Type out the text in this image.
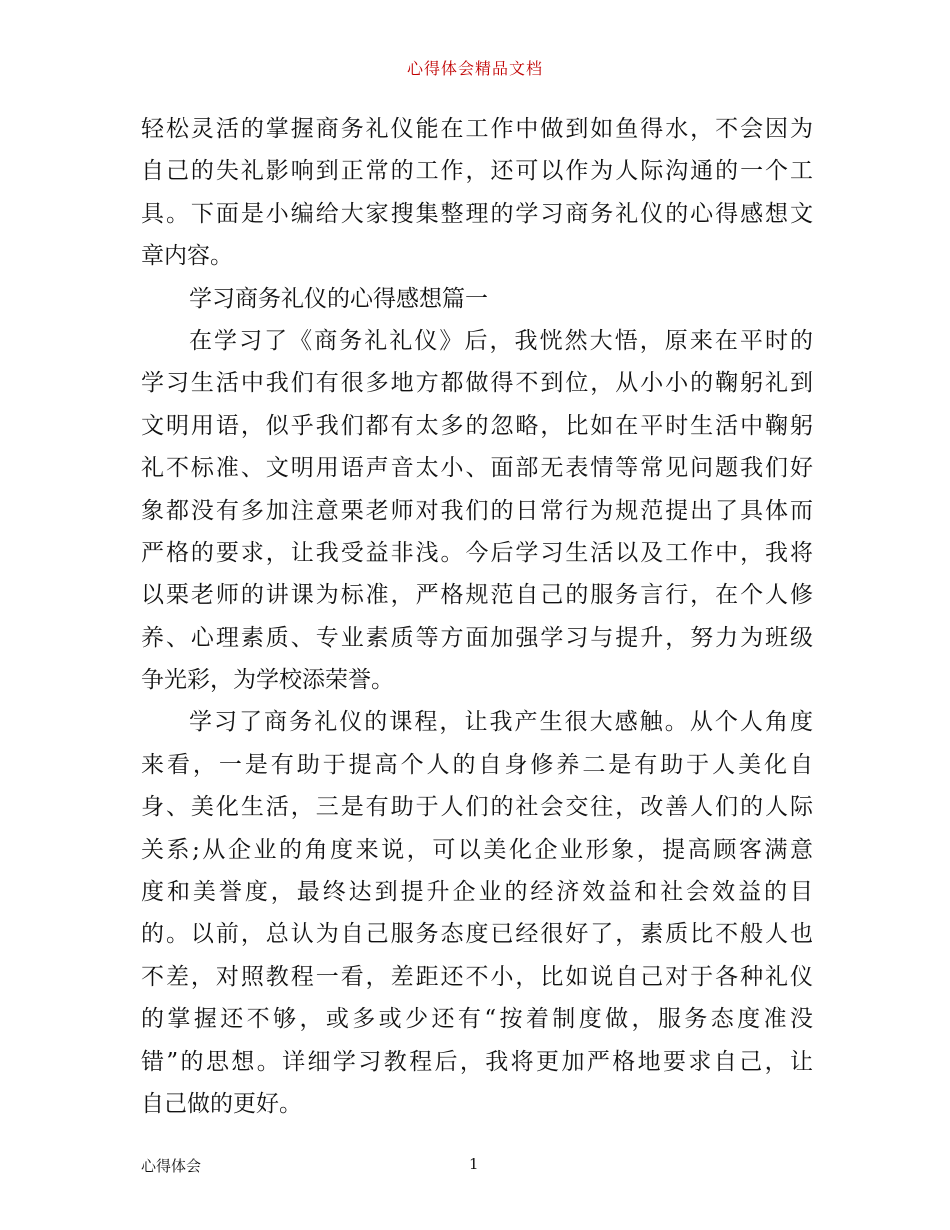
心得体会精品文档
轻松灵活的掌握商务礼仪能在工作中做到如鱼得水，不会因为
自己的失礼影响到正常的工作，还可以作为人际沟通的一个工
具。下面是小编给大家搜集整理的学习商务礼仪的心得感想文
章内容。
学习商务礼仪的心得感想篇一
在学习了《商务礼礼仪》后，我恍然大悟，原来在平时的
学习生活中我们有很多地方都做得不到位，从小小的鞠躬礼到
文明用语，似乎我们都有太多的忽略，比如在平时生活中鞠躬
礼不标准、文明用语声音太小、面部无表情等常见问题我们好
象都没有多加注意栗老师对我们的日常行为规范提出了具体而
严格的要求，让我受益非浅。今后学习生活以及工作中，我将
以栗老师的讲课为标准，严格规范自己的服务言行，在个人修
养、心理素质、专业素质等方面加强学习与提升，努力为班级
争光彩，为学校添荣誉。
学习了商务礼仪的课程，让我产生很大感触。从个人角度
来看，一是有助于提高个人的自身修养二是有助于人美化自
身、美化生活，三是有助于人们的社会交往，改善人们的人际
关系;从企业的角度来说，可以美化企业形象，提高顾客满意
度和美誉度，最终达到提升企业的经济效益和社会效益的目
的。以前，总认为自己服务态度已经很好了，素质比不般人也
不差，对照教程一看，差距还不小，比如说自己对于各种礼仪
的掌握还不够，或多或少还有“按着制度做，服务态度准没
错”的思想。详细学习教程后，我将更加严格地要求自己，让
自己做的更好。
心得体会	1
